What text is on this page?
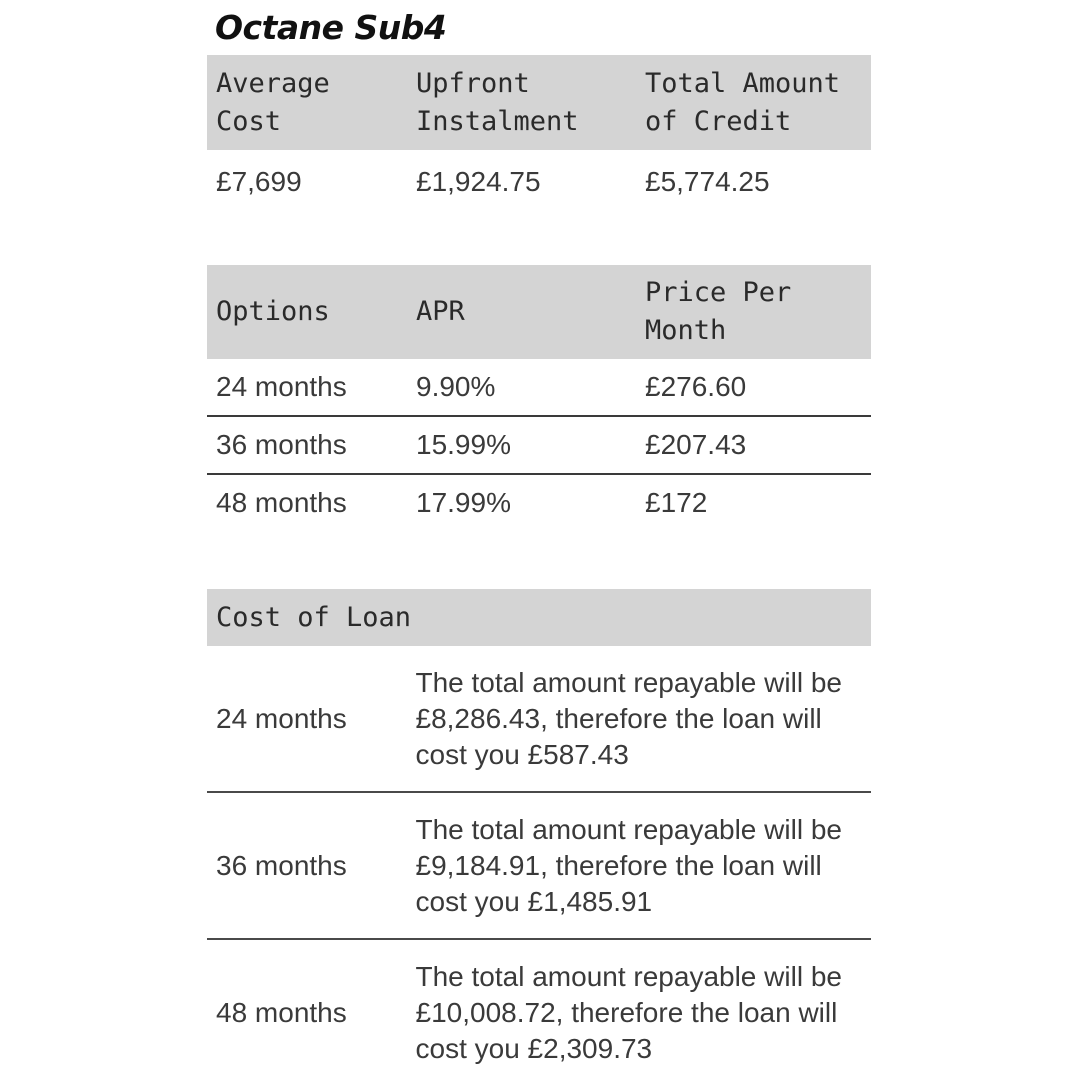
Octane Sub4
Average Cost	Upfront Instalment	Total Amount of Credit
£7,699	£1,924.75	£5,774.25
Options	APR	Price Per Month
24 months	9.90%	£276.60
36 months	15.99%	£207.43
48 months	17.99%	£172
Cost of Loan	
24 months	The total amount repayable will be £8,286.43, therefore the loan will cost you £587.43
36 months	The total amount repayable will be £9,184.91, therefore the loan will cost you £1,485.91
48 months	The total amount repayable will be £10,008.72, therefore the loan will cost you £2,309.73
